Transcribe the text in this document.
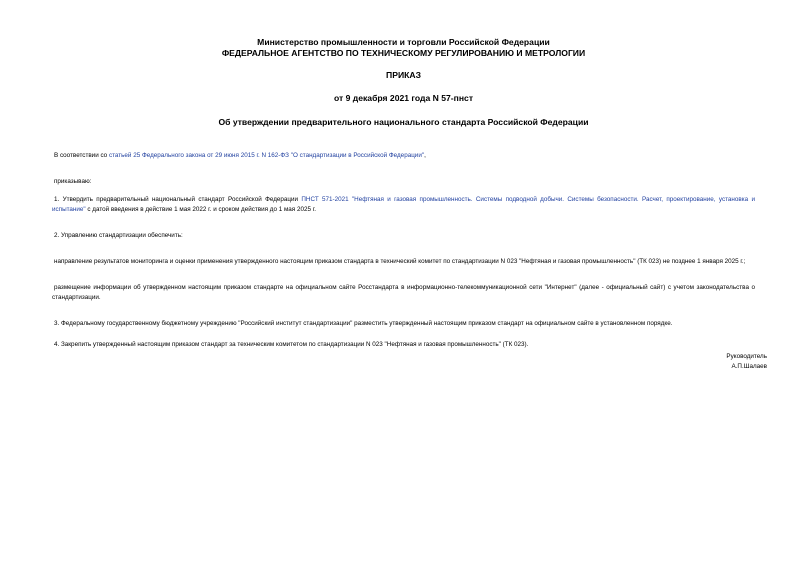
Министерство промышленности и торговли Российской Федерации
ФЕДЕРАЛЬНОЕ АГЕНТСТВО ПО ТЕХНИЧЕСКОМУ РЕГУЛИРОВАНИЮ И МЕТРОЛОГИИ
ПРИКАЗ
от 9 декабря 2021 года N 57-пнст
Об утверждении предварительного национального стандарта Российской Федерации

В соответствии со статьей 25 Федерального закона от 29 июня 2015 г. N 162-ФЗ "О стандартизации в Российской Федерации",

приказываю:

1. Утвердить предварительный национальный стандарт Российской Федерации ПНСТ 571-2021 "Нефтяная и газовая промышленность. Системы подводной добычи. Системы безопасности. Расчет, проектирование, установка и испытание" с датой введения в действие 1 мая 2022 г. и сроком действия до 1 мая 2025 г.

2. Управлению стандартизации обеспечить:

направление результатов мониторинга и оценки применения утвержденного настоящим приказом стандарта в технический комитет по стандартизации N 023 "Нефтяная и газовая промышленность" (ТК 023) не позднее 1 января 2025 г.;

размещение информации об утвержденном настоящим приказом стандарте на официальном сайте Росстандарта в информационно-телекоммуникационной сети "Интернет" (далее - официальный сайт) с учетом законодательства о стандартизации.

3. Федеральному государственному бюджетному учреждению "Российский институт стандартизации" разместить утвержденный настоящим приказом стандарт на официальном сайте в установленном порядке.

4. Закрепить утвержденный настоящим приказом стандарт за техническим комитетом по стандартизации N 023 "Нефтяная и газовая промышленность" (ТК 023).

Руководитель
А.П.Шалаев
